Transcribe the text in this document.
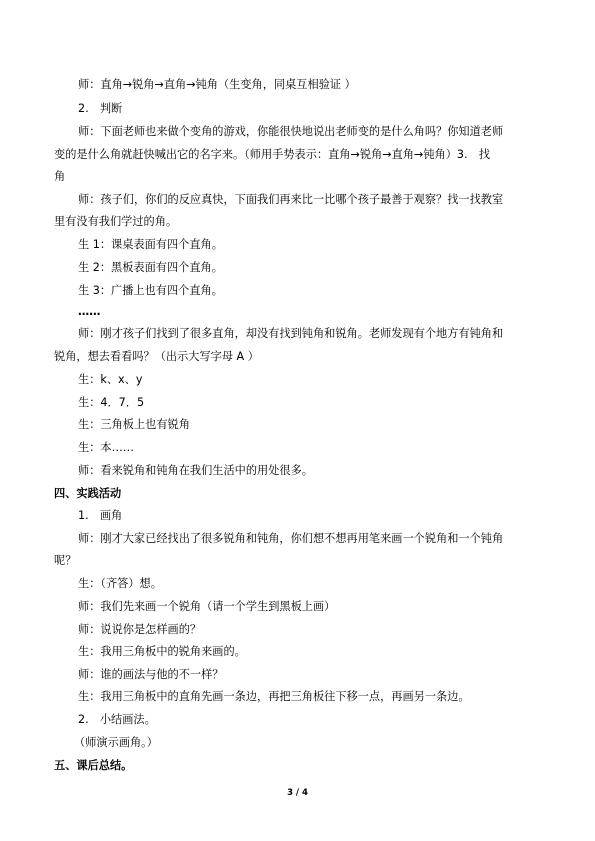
师：直角→锐角→直角→钝角（生变角，同桌互相验证 ）
2.　判断
师：下面老师也来做个变角的游戏，你能很快地说出老师变的是什么角吗？你知道老师
变的是什么角就赶快喊出它的名字来。（师用手势表示：直角→锐角→直角→钝角）3.　找
角
师：孩子们，你们的反应真快，下面我们再来比一比哪个孩子最善于观察？找一找教室
里有没有我们学过的角。
生 1：课桌表面有四个直角。
生 2：黑板表面有四个直角。
生 3：广播上也有四个直角。
……
师：刚才孩子们找到了很多直角，却没有找到钝角和锐角。老师发现有个地方有钝角和
锐角，想去看看吗？（出示大写字母 A ）
生：k、x、y
生：4．7．5
生：三角板上也有锐角
生：本……
师：看来锐角和钝角在我们生活中的用处很多。
四、实践活动
1.　画角
师：刚才大家已经找出了很多锐角和钝角，你们想不想再用笔来画一个锐角和一个钝角
呢？
生：（齐答）想。
师：我们先来画一个锐角（请一个学生到黑板上画）
师：说说你是怎样画的？
生：我用三角板中的锐角来画的。
师：谁的画法与他的不一样？
生：我用三角板中的直角先画一条边，再把三角板往下移一点，再画另一条边。
2.　小结画法。
（师演示画角。）
五、课后总结。
3 / 4
